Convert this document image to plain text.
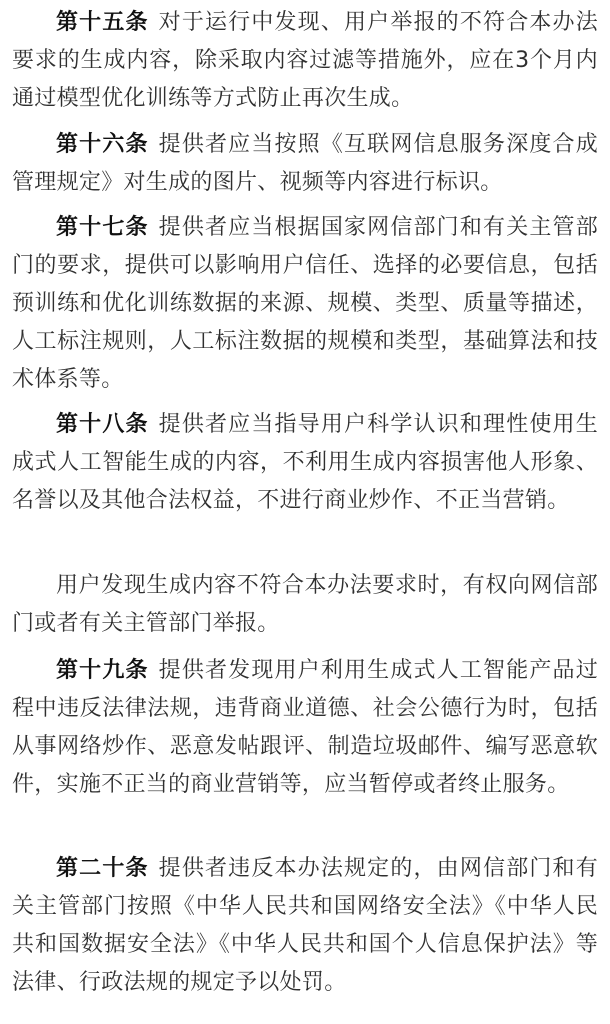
第十五条 对于运行中发现、用户举报的不符合本办法要求的生成内容，除采取内容过滤等措施外，应在3个月内通过模型优化训练等方式防止再次生成。

第十六条 提供者应当按照《互联网信息服务深度合成管理规定》对生成的图片、视频等内容进行标识。

第十七条 提供者应当根据国家网信部门和有关主管部门的要求，提供可以影响用户信任、选择的必要信息，包括预训练和优化训练数据的来源、规模、类型、质量等描述，人工标注规则，人工标注数据的规模和类型，基础算法和技术体系等。

第十八条 提供者应当指导用户科学认识和理性使用生成式人工智能生成的内容，不利用生成内容损害他人形象、名誉以及其他合法权益，不进行商业炒作、不正当营销。

用户发现生成内容不符合本办法要求时，有权向网信部门或者有关主管部门举报。

第十九条 提供者发现用户利用生成式人工智能产品过程中违反法律法规，违背商业道德、社会公德行为时，包括从事网络炒作、恶意发帖跟评、制造垃圾邮件、编写恶意软件，实施不正当的商业营销等，应当暂停或者终止服务。

第二十条 提供者违反本办法规定的，由网信部门和有关主管部门按照《中华人民共和国网络安全法》《中华人民共和国数据安全法》《中华人民共和国个人信息保护法》等法律、行政法规的规定予以处罚。
